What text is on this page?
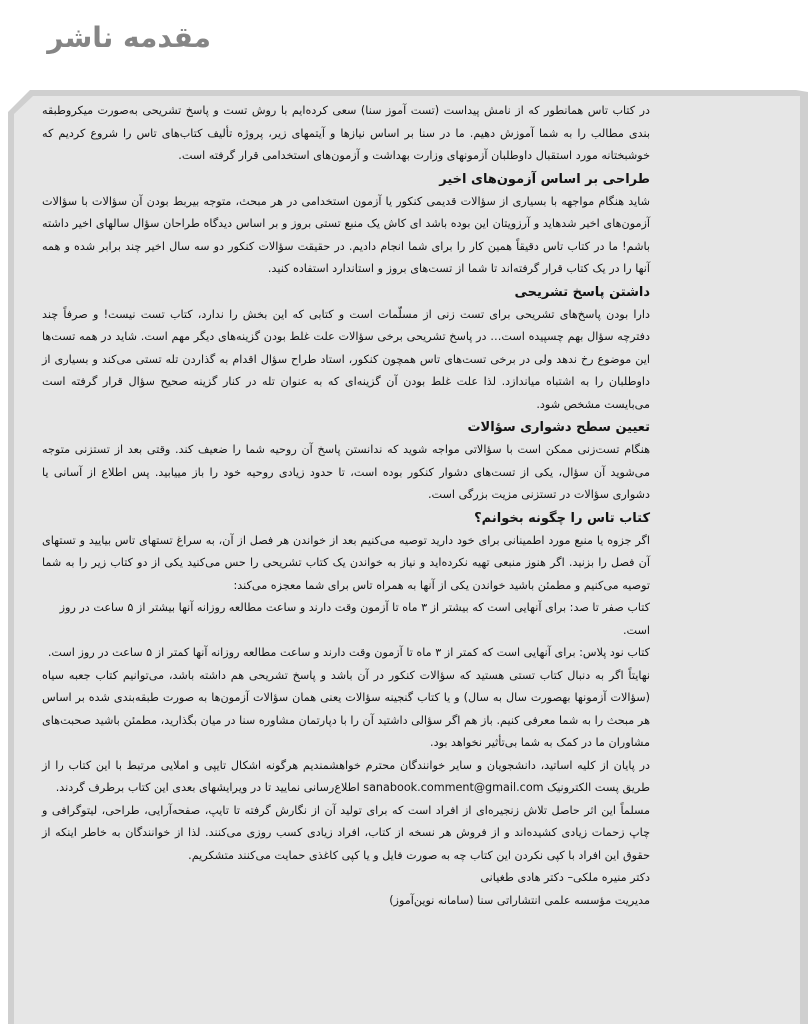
مقدمه ناشر

در کتاب تاس همانطور که از نامش پیداست (تست آموز سنا) سعی کرده‌ایم با روش تست و پاسخ تشریحی به‌صورت میکروطبقه بندی مطالب را به شما آموزش دهیم. ما در سنا بر اساس نیازها و آیتمهای زیر، پروژه تألیف کتاب‌های تاس را شروع کردیم که خوشبختانه مورد استقبال داوطلبان آزمونهای وزارت بهداشت و آزمون‌های استخدامی قرار گرفته است.

طراحی بر اساس آزمون‌های اخیر

شاید هنگام مواجهه با بسیاری از سؤالات قدیمی کنکور یا آزمون استخدامی در هر مبحث، متوجه بیربط بودن آن سؤالات با سؤالات آزمون‌های اخیر شدهاید و آرزویتان این بوده باشد ای کاش یک منبع تستی بروز و بر اساس دیدگاه طراحان سؤال سالهای اخیر داشته باشم! ما در کتاب تاس دقیقاً همین کار را برای شما انجام دادیم. در حقیقت سؤالات کنکور دو سه سال اخیر چند برابر شده و همه آنها را در یک کتاب قرار گرفته‌اند تا شما از تست‌های بروز و استاندارد استفاده کنید.

داشتن پاسخ تشریحی

دارا بودن پاسخ‌های تشریحی برای تست زنی از مسلّمات است و کتابی که این بخش را ندارد، کتاب تست نیست! و صرفاً چند دفترچه سؤال بهم چسپیده است… در پاسخ تشریحی برخی سؤالات علت غلط بودن گزینه‌های دیگر مهم است. شاید در همه تست‌ها این موضوع رخ ندهد ولی در برخی تست‌های تاس همچون کنکور، استاد طراح سؤال اقدام به گذاردن تله تستی می‌کند و بسیاری از داوطلبان را به اشتباه میاندازد. لذا علت غلط بودن آن گزینه‌ای که به عنوان تله در کنار گزینه صحیح سؤال قرار گرفته است می‌بایست مشخص شود.

تعیین سطح دشواری سؤالات

هنگام تست‌زنی ممکن است با سؤالاتی مواجه شوید که ندانستن پاسخ آن روحیه شما را ضعیف کند. وقتی بعد از تستزنی متوجه می‌شوید آن سؤال، یکی از تست‌های دشوار کنکور بوده است، تا حدود زیادی روحیه خود را باز مییابید. پس اطلاع از آسانی یا دشواری سؤالات در تستزنی مزیت بزرگی است.

کتاب تاس را چگونه بخوانم؟

اگر جزوه یا منبع مورد اطمینانی برای خود دارید توصیه می‌کنیم بعد از خواندن هر فصل از آن، به سراغ تستهای تاس بیایید و تستهای آن فصل را بزنید. اگر هنوز منبعی تهیه نکرده‌اید و نیاز به خواندن یک کتاب تشریحی را حس می‌کنید یکی از دو کتاب زیر را به شما توصیه می‌کنیم و مطمئن باشید خواندن یکی از آنها به همراه تاس برای شما معجزه می‌کند:

کتاب صفر تا صد: برای آنهایی است که بیشتر از ۳ ماه تا آزمون وقت دارند و ساعت مطالعه روزانه آنها بیشتر از ۵ ساعت در روز است.

کتاب نود پلاس: برای آنهایی است که کمتر از ۳ ماه تا آزمون وقت دارند و ساعت مطالعه روزانه آنها کمتر از ۵ ساعت در روز است.

نهایتاً اگر به دنبال کتاب تستی هستید که سؤالات کنکور در آن باشد و پاسخ تشریحی هم داشته باشد، می‌توانیم کتاب جعبه سیاه (سؤالات آزمونها بهصورت سال به سال) و یا کتاب گنجینه سؤالات یعنی همان سؤالات آزمون‌ها به صورت طبقه‌بندی شده بر اساس هر مبحث را به شما معرفی کنیم. باز هم اگر سؤالی داشتید آن را با دپارتمان مشاوره سنا در میان بگذارید، مطمئن باشید صحبت‌های مشاوران ما در کمک به شما بی‌تأثیر نخواهد بود.

در پایان از کلیه اساتید، دانشجویان و سایر خوانندگان محترم خواهشمندیم هرگونه اشکال تایپی و املایی مرتبط با این کتاب را از طریق پست الکترونیک sanabook.comment@gmail.com اطلاع‌رسانی نمایید تا در ویرایشهای بعدی این کتاب برطرف گردند.

مسلماً این اثر حاصل تلاش زنجیره‌ای از افراد است که برای تولید آن از نگارش گرفته تا تایپ، صفحه‌آرایی، طراحی، لیتوگرافی و چاپ زحمات زیادی کشیده‌اند و از فروش هر نسخه از کتاب، افراد زیادی کسب روزی می‌کنند. لذا از خوانندگان به خاطر اینکه از حقوق این افراد با کپی نکردن این کتاب چه به صورت فایل و یا کپی کاغذی حمایت می‌کنند متشکریم.

دکتر منیره ملکی– دکتر هادی طغیانی

مدیریت مؤسسه علمی انتشاراتی سنا (سامانه نوین‌آموز)
